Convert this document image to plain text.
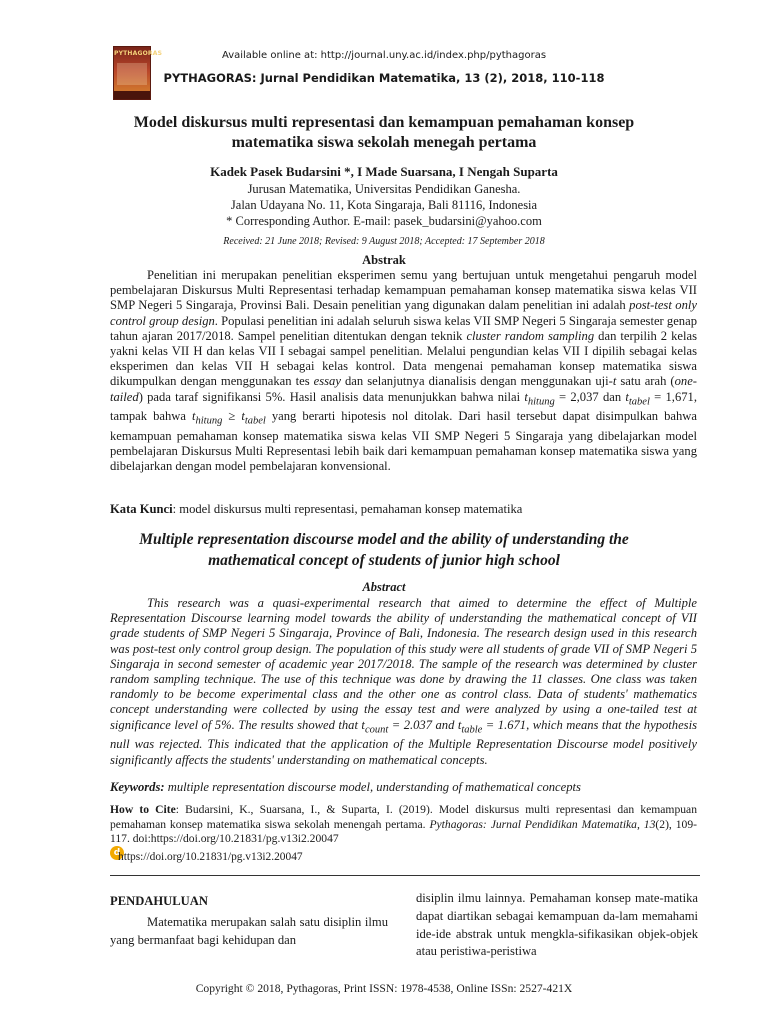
PYTHAGORAS	Available online at: http://journal.uny.ac.id/index.php/pythagoras
PYTHAGORAS: Jurnal Pendidikan Matematika, 13 (2), 2018, 110-118
Model diskursus multi representasi dan kemampuan pemahaman konsep matematika siswa sekolah menegah pertama
Kadek Pasek Budarsini *, I Made Suarsana, I Nengah Suparta
Jurusan Matematika, Universitas Pendidikan Ganesha.
Jalan Udayana No. 11, Kota Singaraja, Bali 81116, Indonesia
* Corresponding Author. E-mail: pasek_budarsini@yahoo.com
Received: 21 June 2018; Revised: 9 August 2018; Accepted: 17 September 2018
Abstrak

Penelitian ini merupakan penelitian eksperimen semu yang bertujuan untuk mengetahui pengaruh model pembelajaran Diskursus Multi Representasi terhadap kemampuan pemahaman konsep matematika siswa kelas VII SMP Negeri 5 Singaraja, Provinsi Bali. Desain penelitian yang digunakan dalam penelitian ini adalah post-test only control group design. Populasi penelitian ini adalah seluruh siswa kelas VII SMP Negeri 5 Singaraja semester genap tahun ajaran 2017/2018. Sampel penelitian ditentukan dengan teknik cluster random sampling dan terpilih 2 kelas yakni kelas VII H dan kelas VII I sebagai sampel penelitian. Melalui pengundian kelas VII I dipilih sebagai kelas eksperimen dan kelas VII H sebagai kelas kontrol. Data mengenai pemahaman konsep matematika siswa dikumpulkan dengan menggunakan tes essay dan selanjutnya dianalisis dengan menggunakan uji-t satu arah (one-tailed) pada taraf signifikansi 5%. Hasil analisis data menunjukkan bahwa nilai $t_{hitung} = 2,037$ dan $t_{tabel} = 1,671$, tampak bahwa $t_{hitung} \ge t_{tabel}$ yang berarti hipotesis nol ditolak. Dari hasil tersebut dapat disimpulkan bahwa kemampuan pemahaman konsep matematika siswa kelas VII SMP Negeri 5 Singaraja yang dibelajarkan model pembelajaran Diskursus Multi Representasi lebih baik dari kemampuan pemahaman konsep matematika siswa yang dibelajarkan dengan model pembelajaran konvensional.

Kata Kunci: model diskursus multi representasi, pemahaman konsep matematika

Multiple representation discourse model and the ability of understanding the mathematical concept of students of junior high school
Abstract

This research was a quasi-experimental research that aimed to determine the effect of Multiple Representation Discourse learning model towards the ability of understanding the mathematical concept of VII grade students of SMP Negeri 5 Singaraja, Province of Bali, Indonesia. The research design used in this research was post-test only control group design. The population of this study were all students of grade VII of SMP Negeri 5 Singaraja in second semester of academic year 2017/2018. The sample of the research was determined by cluster random sampling technique. The use of this technique was done by drawing the 11 classes. One class was taken randomly to be become experimental class and the other one as control class. Data of students' mathematics concept understanding were collected by using the essay test and were analyzed by using a one-tailed test at significance level of 5%. The results showed that $t_{count} = 2.037$ and $t_{table} = 1.671$, which means that the hypothesis null was rejected. This indicated that the application of the Multiple Representation Discourse model positively significantly affects the students' understanding on mathematical concepts.

Keywords: multiple representation discourse model, understanding of mathematical concepts

How to Cite: Budarsini, K., Suarsana, I., & Suparta, I. (2019). Model diskursus multi representasi dan kemampuan pemahaman konsep matematika siswa sekolah menengah pertama. Pythagoras: Jurnal Pendidikan Matematika, 13(2), 109-117. doi:https://doi.org/10.21831/pg.v13i2.20047

d
https://doi.org/10.21831/pg.v13i2.20047
PENDAHULUAN

Matematika merupakan salah satu disiplin ilmu yang bermanfaat bagi kehidupan dan

disiplin ilmu lainnya. Pemahaman konsep mate-matika dapat diartikan sebagai kemampuan da-lam memahami ide-ide abstrak untuk mengkla-sifikasikan objek-objek atau peristiwa-peristiwa

Copyright © 2018, Pythagoras, Print ISSN: 1978-4538, Online ISSn: 2527-421X
